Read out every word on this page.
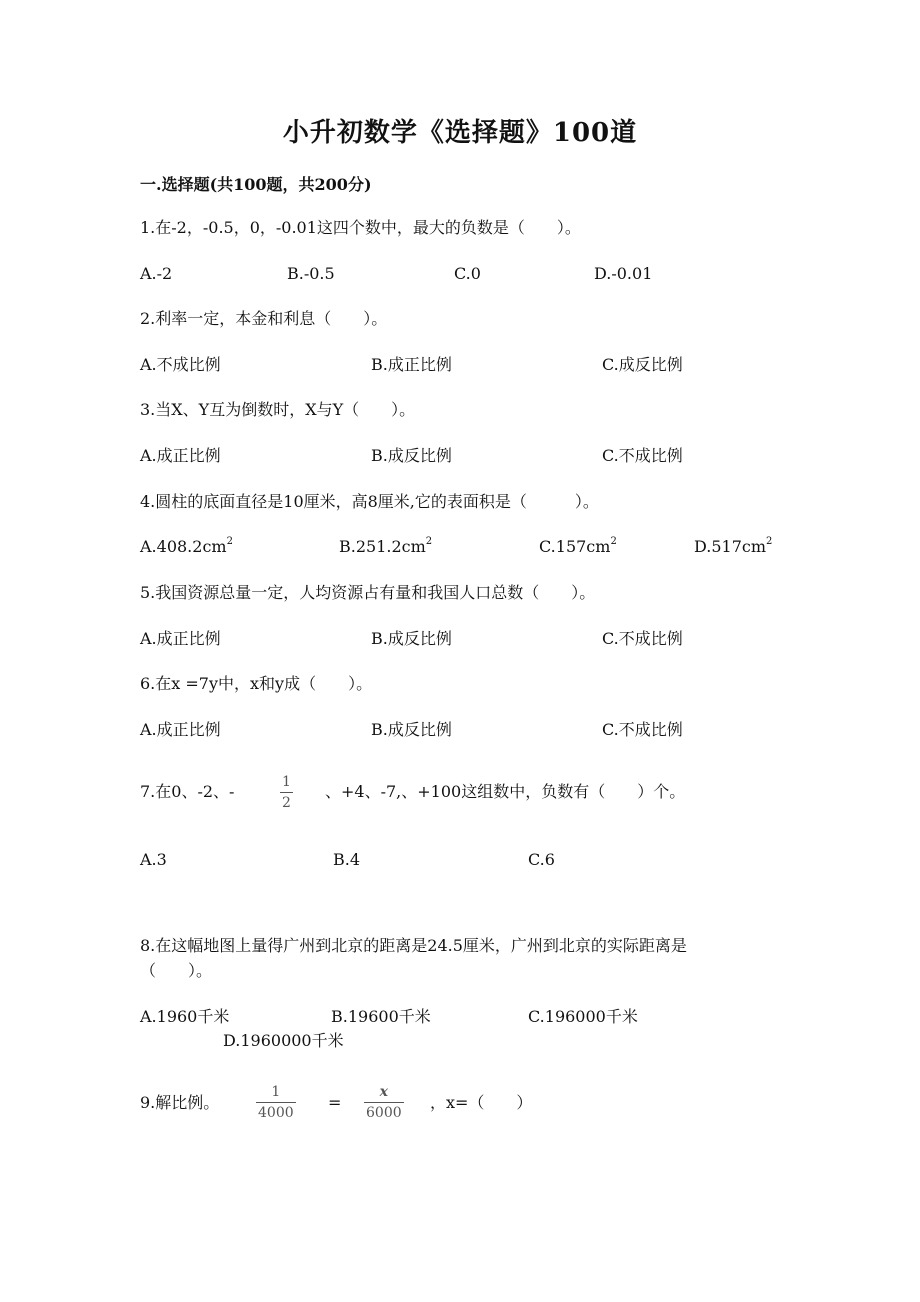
小升初数学《选择题》100道
一.选择题(共100题，共200分)
1.在-2，-0.5，0，-0.01这四个数中，最大的负数是（　　）。
A.-2	B.-0.5	C.0	D.-0.01
2.利率一定，本金和利息（　　）。
A.不成比例	B.成正比例	C.成反比例
3.当X、Y互为倒数时，X与Y（　　）。
A.成正比例	B.成反比例	C.不成比例
4.圆柱的底面直径是10厘米，高8厘米,它的表面积是（　　　）。
$A.408.2cm^2$	$B.251.2cm^2$	$C.157cm^2$	$D.517cm^2$
5.我国资源总量一定，人均资源占有量和我国人口总数（　　）。
A.成正比例	B.成反比例	C.不成比例
6.在x =7y中，x和y成（　　）。
A.成正比例	B.成反比例	C.不成比例
7.在0、-2、-	1
2
、+4、-7,、+100这组数中，负数有（　　）个。
A.3	B.4	C.6
8.在这幅地图上量得广州到北京的距离是24.5厘米，广州到北京的实际距离是
（　　）。
A.1960千米	B.19600千米	C.196000千米
D.1960000千米
9.解比例。
1
4000
=
x
6000
，x=（　　）
